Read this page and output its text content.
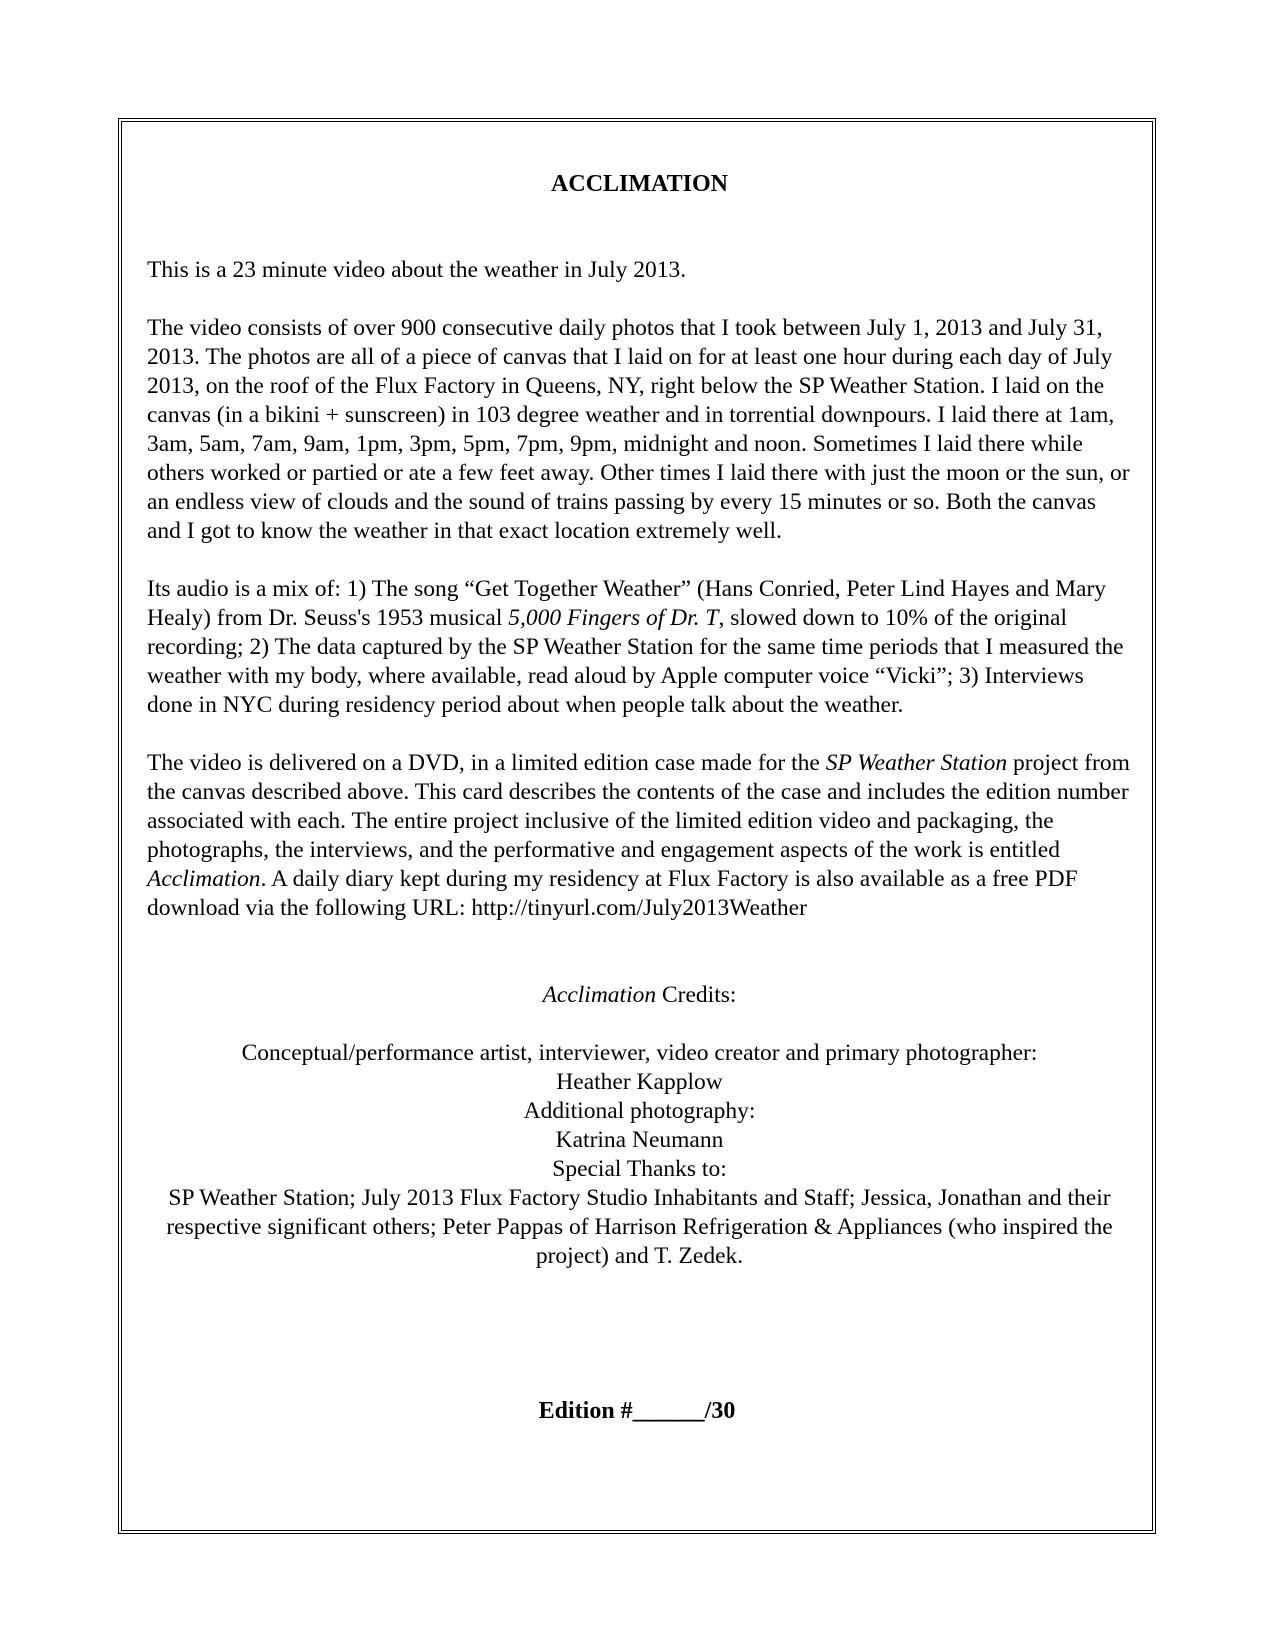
ACCLIMATION

This is a 23 minute video about the weather in July 2013.

The video consists of over 900 consecutive daily photos that I took between July 1, 2013 and July 31, 2013. The photos are all of a piece of canvas that I laid on for at least one hour during each day of July 2013, on the roof of the Flux Factory in Queens, NY, right below the SP Weather Station. I laid on the canvas (in a bikini + sunscreen) in 103 degree weather and in torrential downpours. I laid there at 1am, 3am, 5am, 7am, 9am, 1pm, 3pm, 5pm, 7pm, 9pm, midnight and noon. Sometimes I laid there while others worked or partied or ate a few feet away. Other times I laid there with just the moon or the sun, or an endless view of clouds and the sound of trains passing by every 15 minutes or so. Both the canvas and I got to know the weather in that exact location extremely well.

Its audio is a mix of: 1) The song “Get Together Weather” (Hans Conried, Peter Lind Hayes and Mary Healy) from Dr. Seuss's 1953 musical 5,000 Fingers of Dr. T, slowed down to 10% of the original recording; 2) The data captured by the SP Weather Station for the same time periods that I measured the weather with my body, where available, read aloud by Apple computer voice “Vicki”; 3) Interviews done in NYC during residency period about when people talk about the weather.

The video is delivered on a DVD, in a limited edition case made for the SP Weather Station project from the canvas described above. This card describes the contents of the case and includes the edition number associated with each. The entire project inclusive of the limited edition video and packaging, the photographs, the interviews, and the performative and engagement aspects of the work is entitled Acclimation. A daily diary kept during my residency at Flux Factory is also available as a free PDF download via the following URL: http://tinyurl.com/July2013Weather

Acclimation Credits:

Conceptual/performance artist, interviewer, video creator and primary photographer:
Heather Kapplow
Additional photography:
Katrina Neumann
Special Thanks to:
SP Weather Station; July 2013 Flux Factory Studio Inhabitants and Staff; Jessica, Jonathan and their respective significant others; Peter Pappas of Harrison Refrigeration & Appliances (who inspired the project) and T. Zedek.
Edition #______/30
